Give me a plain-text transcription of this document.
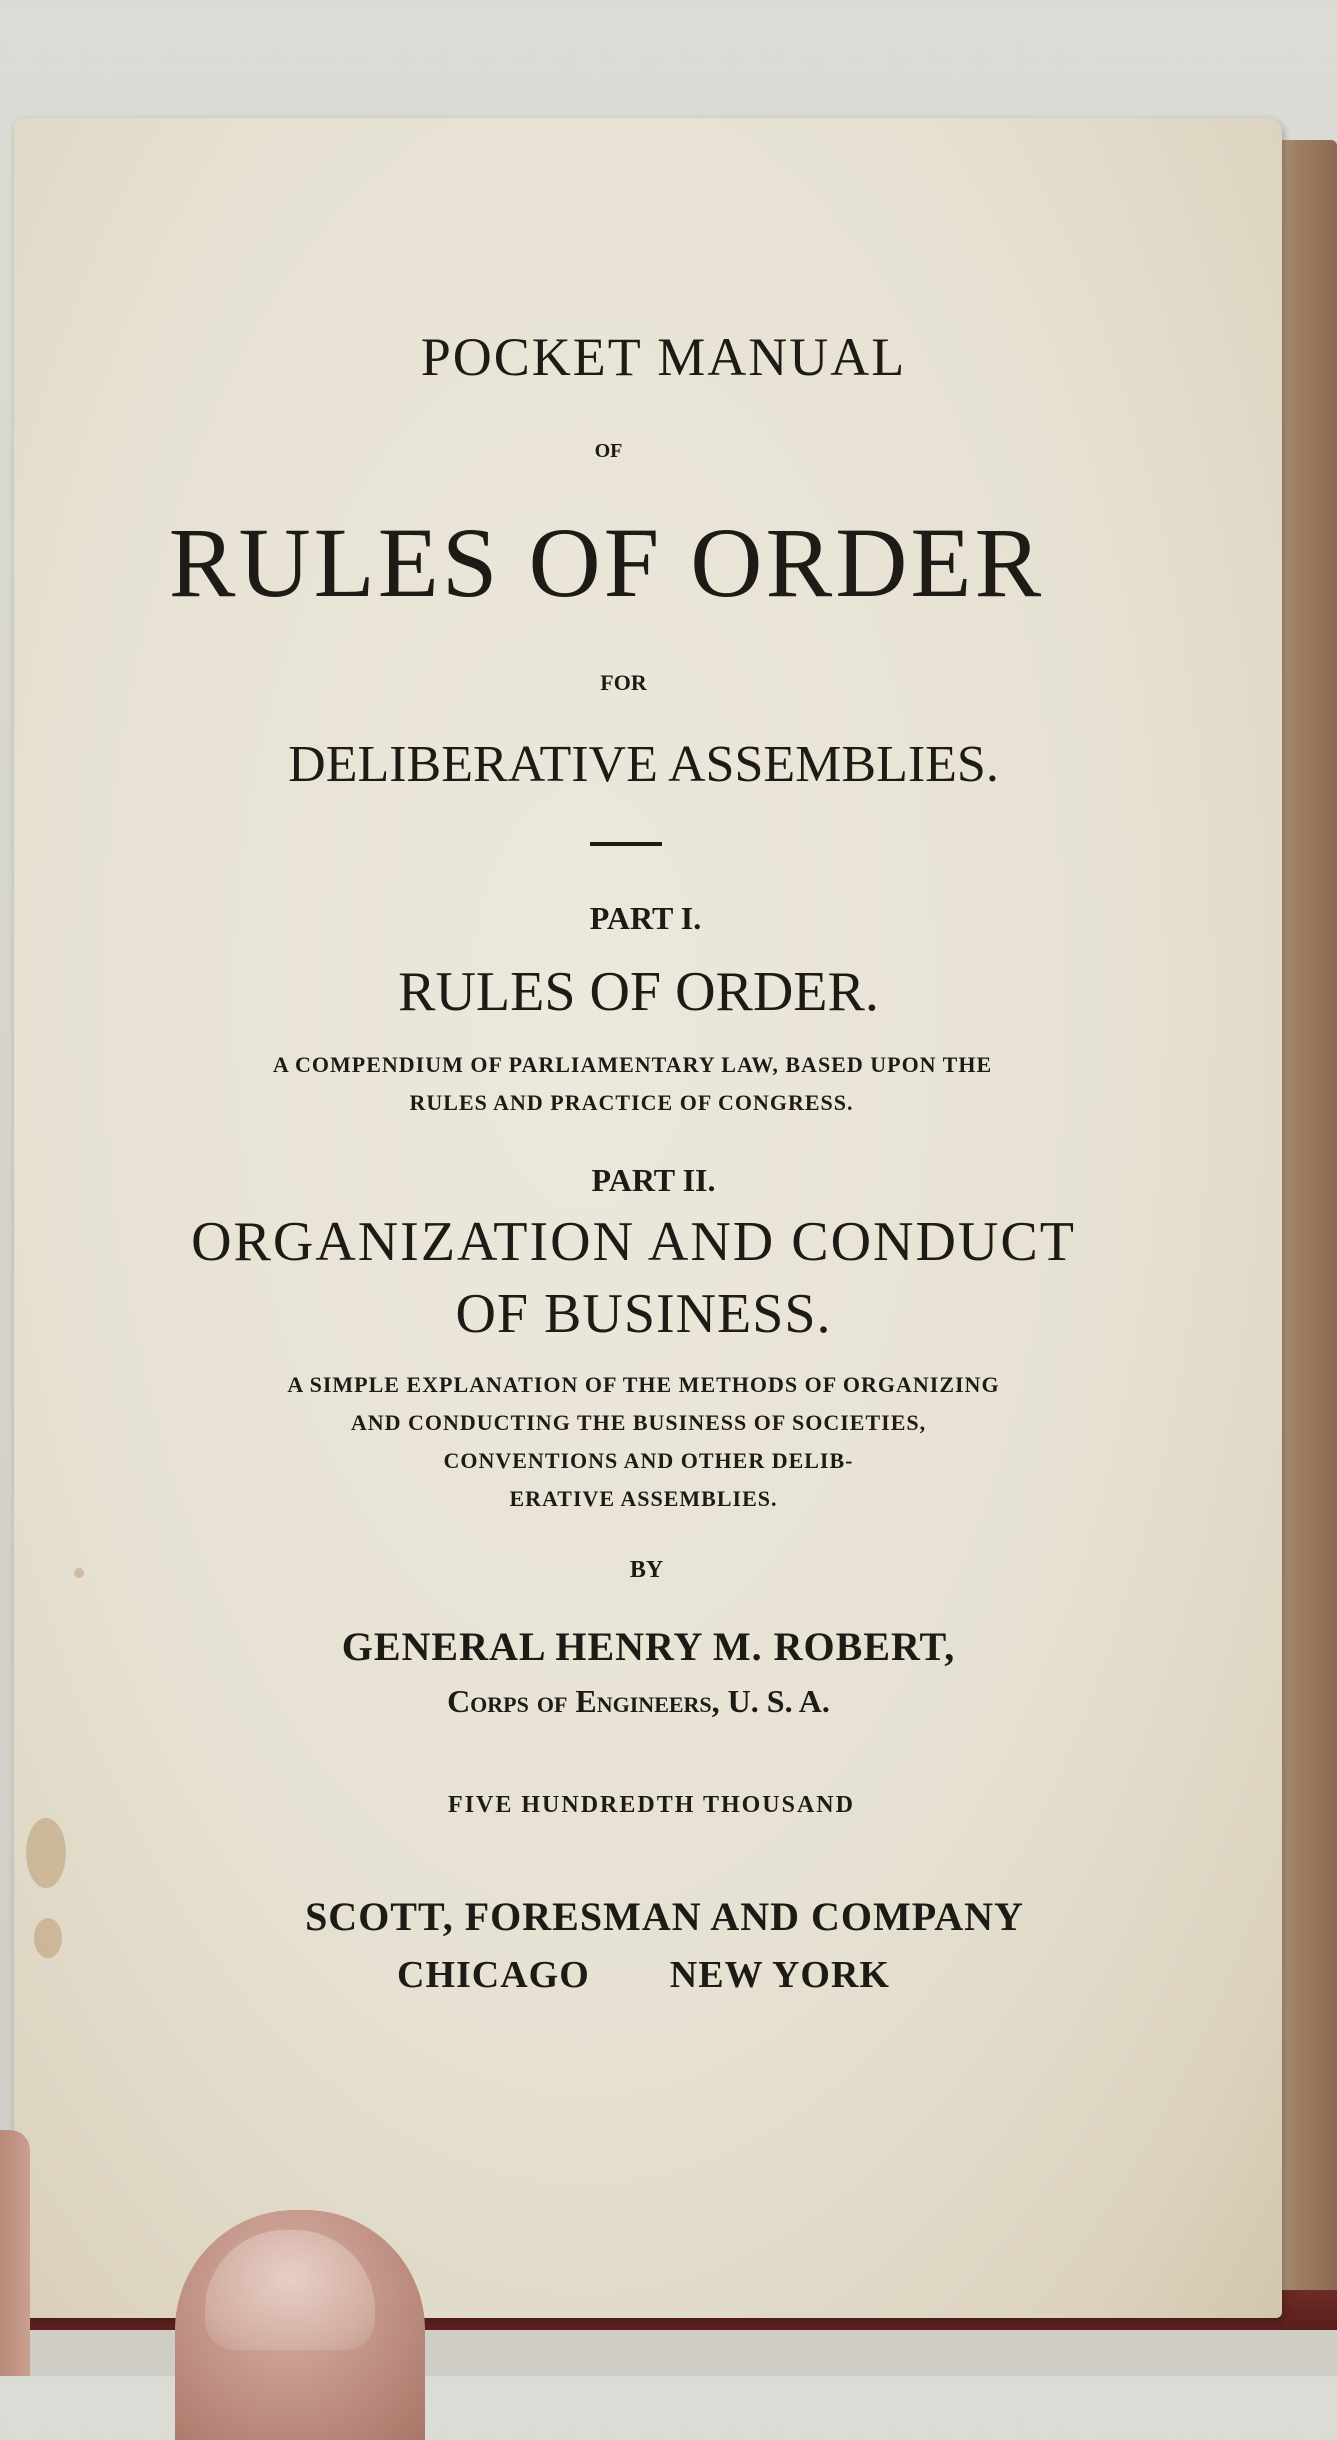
POCKET MANUAL
OF
RULES OF ORDER
FOR
DELIBERATIVE ASSEMBLIES.
PART I.
RULES OF ORDER.
A COMPENDIUM OF PARLIAMENTARY LAW, BASED UPON THE
RULES AND PRACTICE OF CONGRESS.
PART II.
ORGANIZATION AND CONDUCT
OF BUSINESS.
A SIMPLE EXPLANATION OF THE METHODS OF ORGANIZING
AND CONDUCTING THE BUSINESS OF SOCIETIES,
CONVENTIONS AND OTHER DELIB-
ERATIVE ASSEMBLIES.
BY
GENERAL HENRY M. ROBERT,
Corps of Engineers, U. S. A.
FIVE HUNDREDTH THOUSAND
SCOTT, FORESMAN AND COMPANY
CHICAGO NEW YORK
